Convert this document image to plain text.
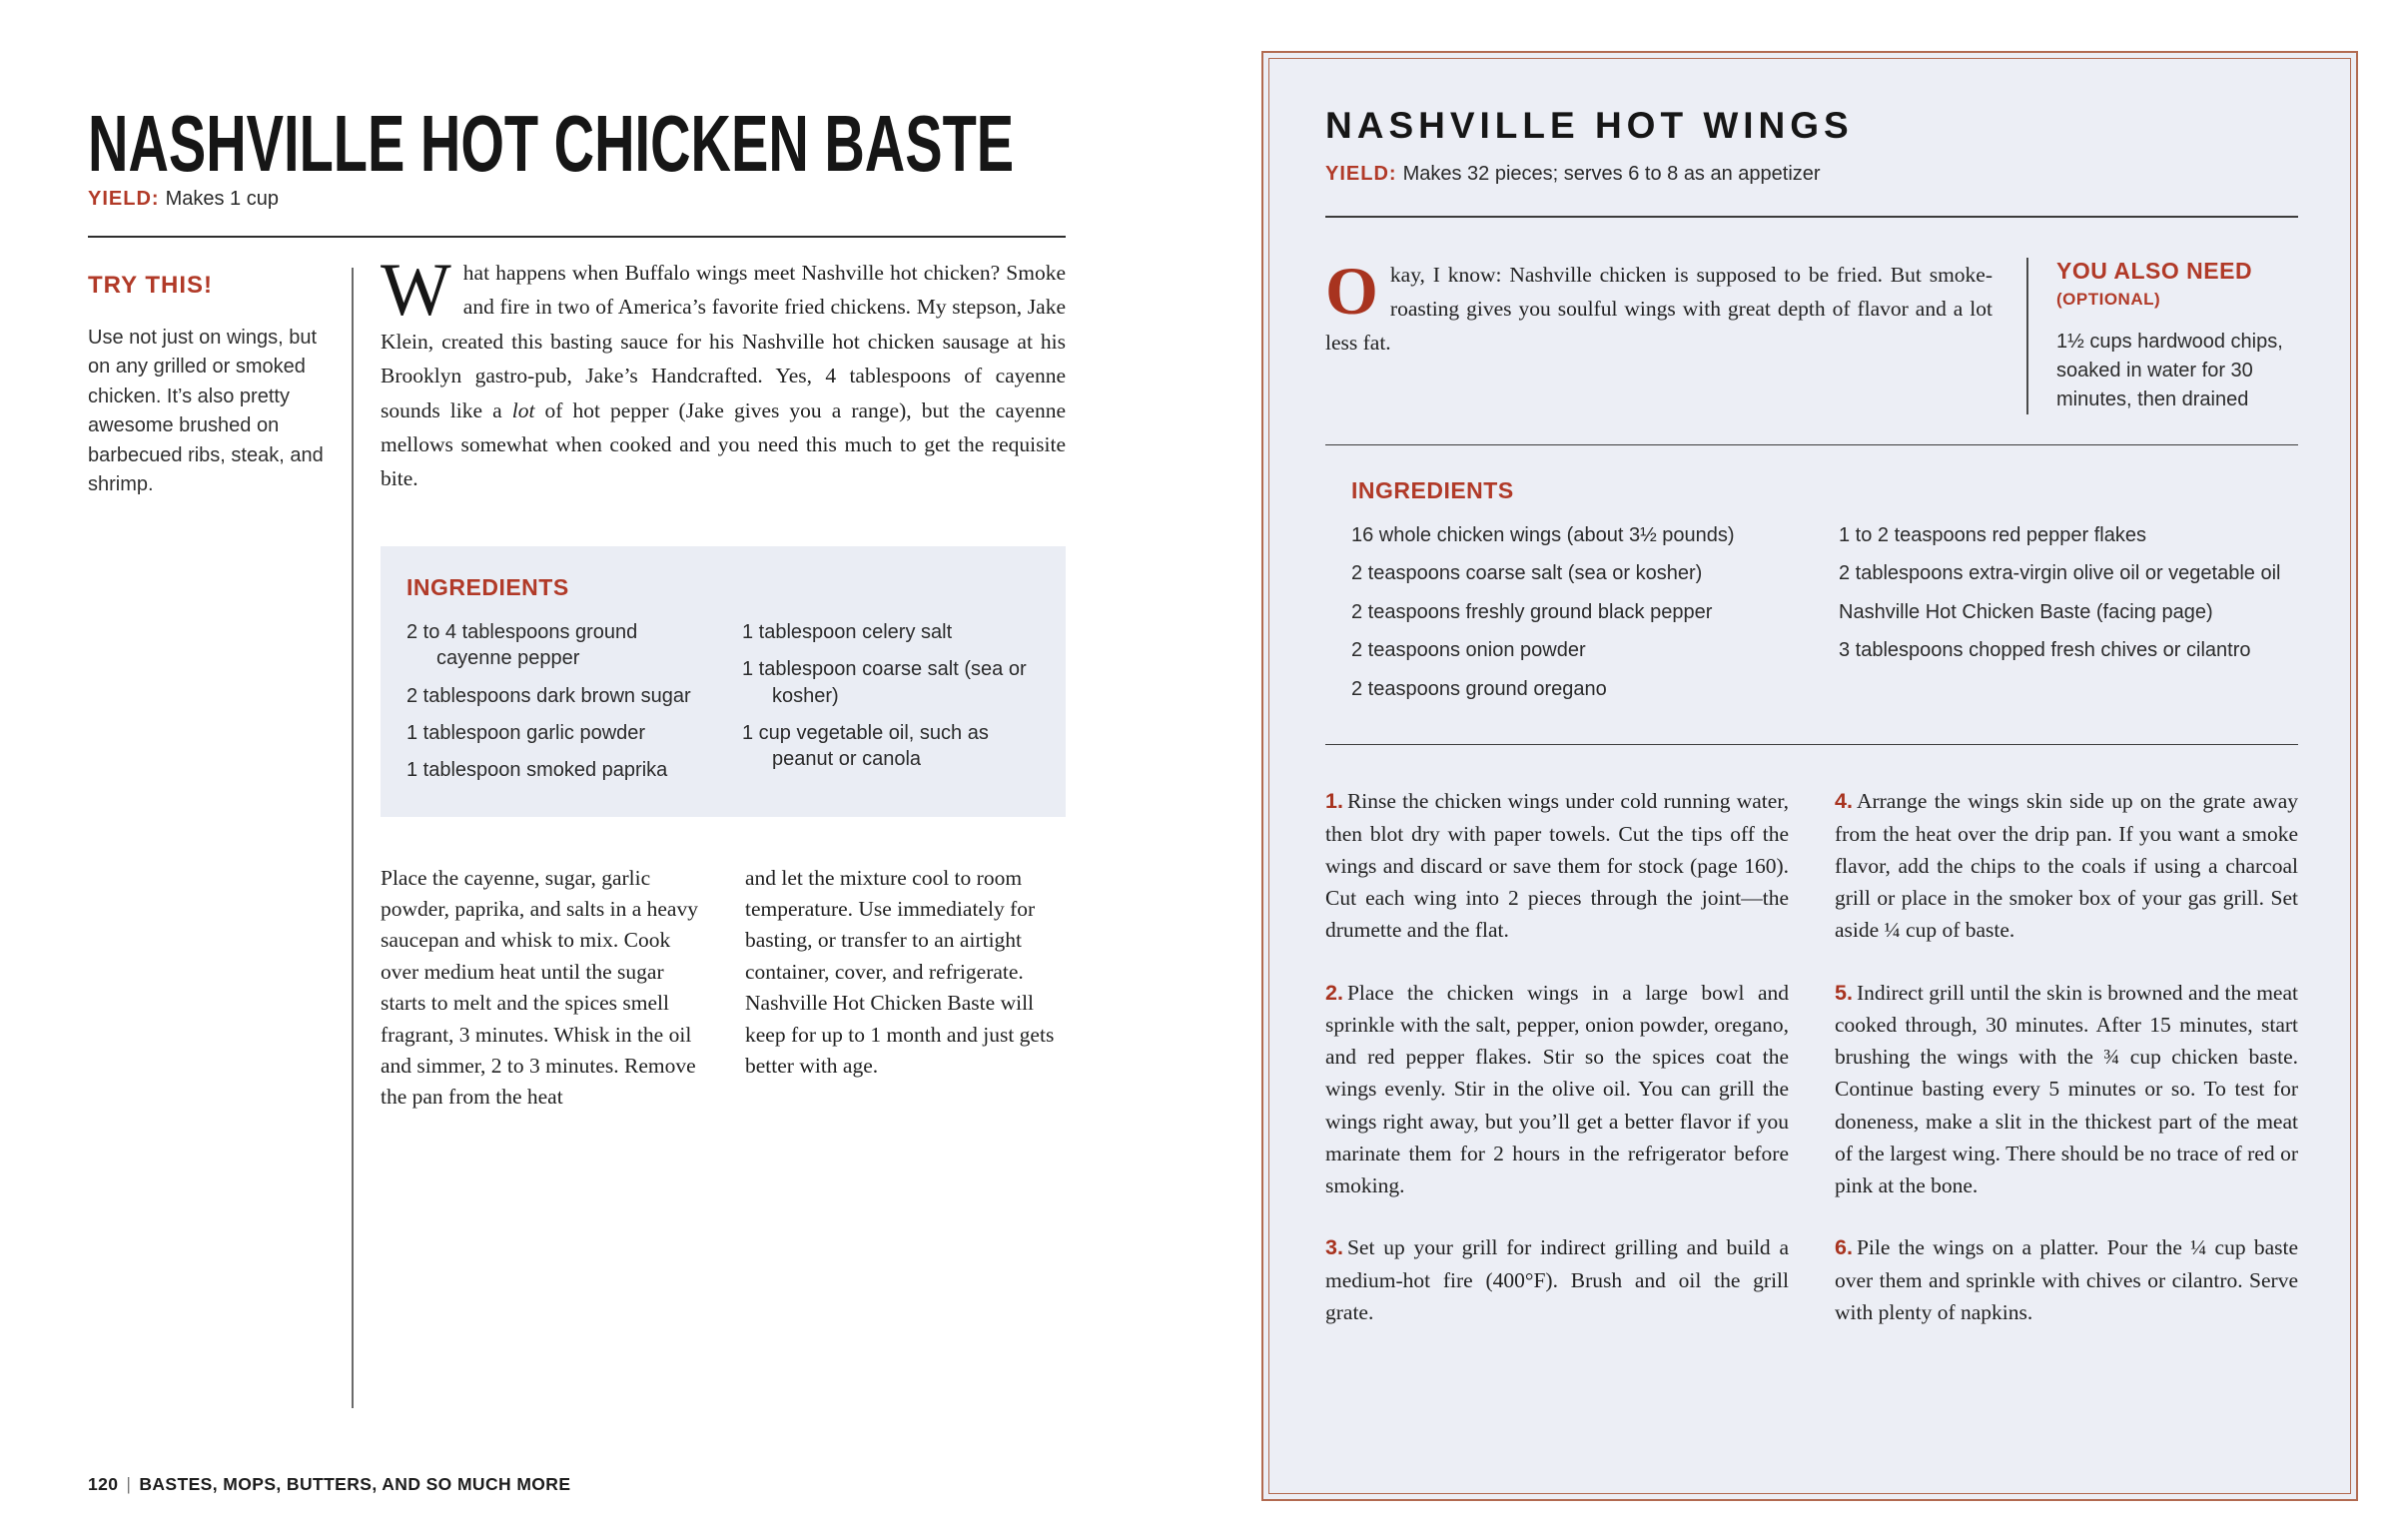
NASHVILLE HOT CHICKEN BASTE

YIELD: Makes 1 cup

TRY THIS!

Use not just on wings, but on any grilled or smoked chicken. It’s also pretty awesome brushed on barbecued ribs, steak, and shrimp.

What happens when Buffalo wings meet Nashville hot chicken? Smoke and fire in two of America’s favorite fried chickens. My stepson, Jake Klein, created this basting sauce for his Nashville hot chicken sausage at his Brooklyn gastro-pub, Jake’s Handcrafted. Yes, 4 tablespoons of cayenne sounds like a lot of hot pepper (Jake gives you a range), but the cayenne mellows somewhat when cooked and you need this much to get the requisite bite.

INGREDIENTS
2 to 4 tablespoons ground cayenne pepper
2 tablespoons dark brown sugar
1 tablespoon garlic powder
1 tablespoon smoked paprika
1 tablespoon celery salt
1 tablespoon coarse salt (sea or kosher)
1 cup vegetable oil, such as peanut or canola

Place the cayenne, sugar, garlic powder, paprika, and salts in a heavy saucepan and whisk to mix. Cook over medium heat until the sugar starts to melt and the spices smell fragrant, 3 minutes. Whisk in the oil and simmer, 2 to 3 minutes. Remove the pan from the heat

and let the mixture cool to room temperature. Use immediately for basting, or transfer to an airtight container, cover, and refrigerate. Nashville Hot Chicken Baste will keep for up to 1 month and just gets better with age.

120 | BASTES, MOPS, BUTTERS, AND SO MUCH MORE
NASHVILLE HOT WINGS

YIELD: Makes 32 pieces; serves 6 to 8 as an appetizer

Okay, I know: Nashville chicken is supposed to be fried. But smoke-roasting gives you soulful wings with great depth of flavor and a lot less fat.

YOU ALSO NEED
(OPTIONAL)

1½ cups hardwood chips, soaked in water for 30 minutes, then drained

INGREDIENTS
16 whole chicken wings (about 3½ pounds)
2 teaspoons coarse salt (sea or kosher)
2 teaspoons freshly ground black pepper
2 teaspoons onion powder
2 teaspoons ground oregano
1 to 2 teaspoons red pepper flakes
2 tablespoons extra-virgin olive oil or vegetable oil
Nashville Hot Chicken Baste (facing page)
3 tablespoons chopped fresh chives or cilantro

1. Rinse the chicken wings under cold running water, then blot dry with paper towels. Cut the tips off the wings and discard or save them for stock (page 160). Cut each wing into 2 pieces through the joint—the drumette and the flat.

2. Place the chicken wings in a large bowl and sprinkle with the salt, pepper, onion powder, oregano, and red pepper flakes. Stir so the spices coat the wings evenly. Stir in the olive oil. You can grill the wings right away, but you’ll get a better flavor if you marinate them for 2 hours in the refrigerator before smoking.

3. Set up your grill for indirect grilling and build a medium-hot fire (400°F). Brush and oil the grill grate.

4. Arrange the wings skin side up on the grate away from the heat over the drip pan. If you want a smoke flavor, add the chips to the coals if using a charcoal grill or place in the smoker box of your gas grill. Set aside ¼ cup of baste.

5. Indirect grill until the skin is browned and the meat cooked through, 30 minutes. After 15 minutes, start brushing the wings with the ¾ cup chicken baste. Continue basting every 5 minutes or so. To test for doneness, make a slit in the thickest part of the meat of the largest wing. There should be no trace of red or pink at the bone.

6. Pile the wings on a platter. Pour the ¼ cup baste over them and sprinkle with chives or cilantro. Serve with plenty of napkins.
